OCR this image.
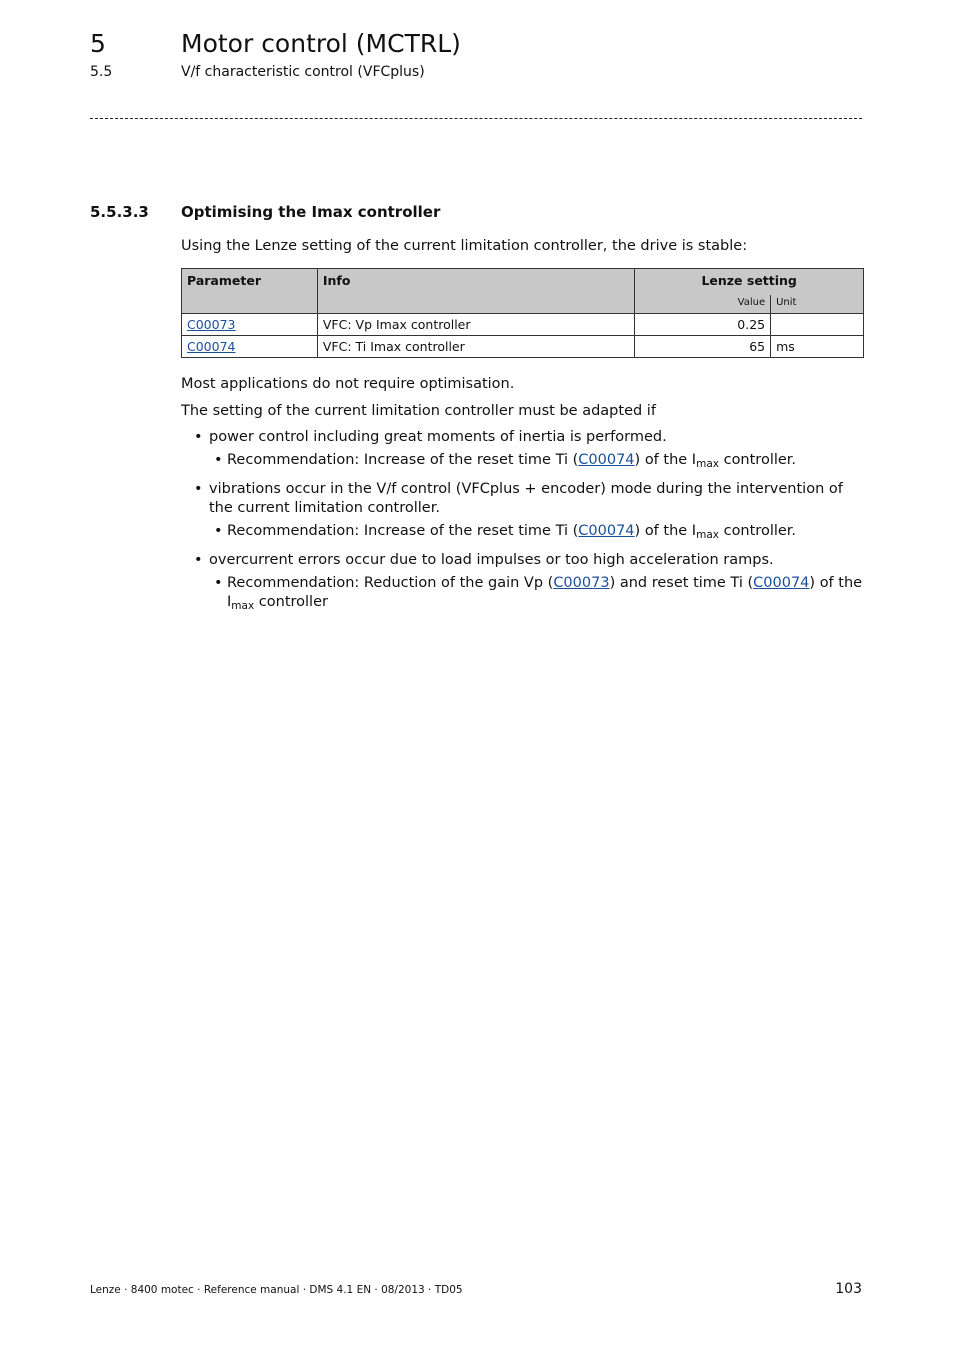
5	Motor control (MCTRL)
5.5	V/f characteristic control (VFCplus)
5.5.3.3 Optimising the Imax controller
Using the Lenze setting of the current limitation controller, the drive is stable:
Parameter	Info	Lenze setting	
		Value	Unit
C00073	VFC: Vp Imax controller	0.25	
C00074	VFC: Ti Imax controller	65	ms
Most applications do not require optimisation.
The setting of the current limitation controller must be adapted if
• power control including great moments of inertia is performed.
• Recommendation: Increase of the reset time Ti (C00074) of the $I_{max}$ controller.
• vibrations occur in the V/f control (VFCplus + encoder) mode during the intervention of the current limitation controller.
• Recommendation: Increase of the reset time Ti (C00074) of the $I_{max}$ controller.
• overcurrent errors occur due to load impulses or too high acceleration ramps.
• Recommendation: Reduction of the gain Vp (C00073) and reset time Ti (C00074) of the $I_{max}$ controller
Lenze · 8400 motec · Reference manual · DMS 4.1 EN · 08/2013 · TD05	103
